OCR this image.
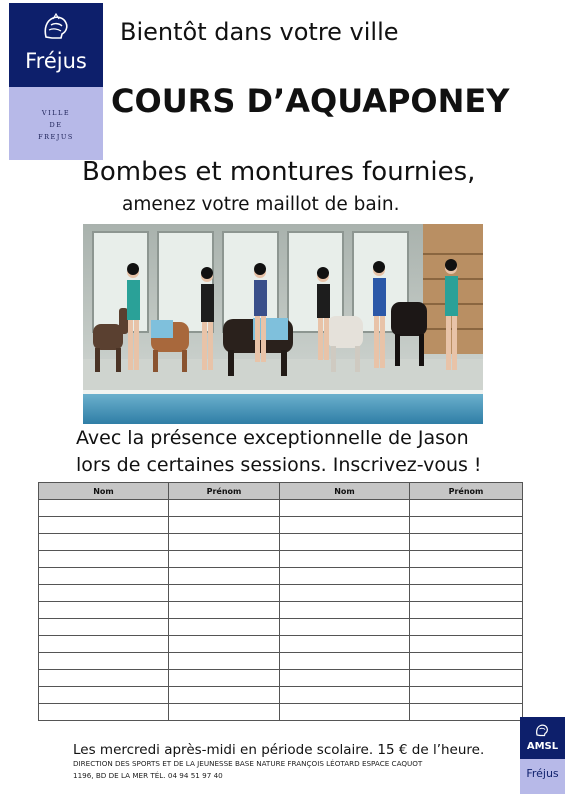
Fréjus
VILLE
DE
FREJUS
Bientôt dans votre ville
COURS D’AQUAPONEY
Bombes et montures fournies,
amenez votre maillot de bain.
Avec la présence exceptionnelle de Jason
lors de certaines sessions. Inscrivez-vous !
Nom	Prénom	Nom	Prénom

Les mercredi après-midi en période scolaire. 15 € de l’heure.
DIRECTION DES SPORTS ET DE LA JEUNESSE BASE NATURE FRANÇOIS LÉOTARD ESPACE CAQUOT
1196, BD DE LA MER TÉL. 04 94 51 97 40
AMSL
Fréjus
